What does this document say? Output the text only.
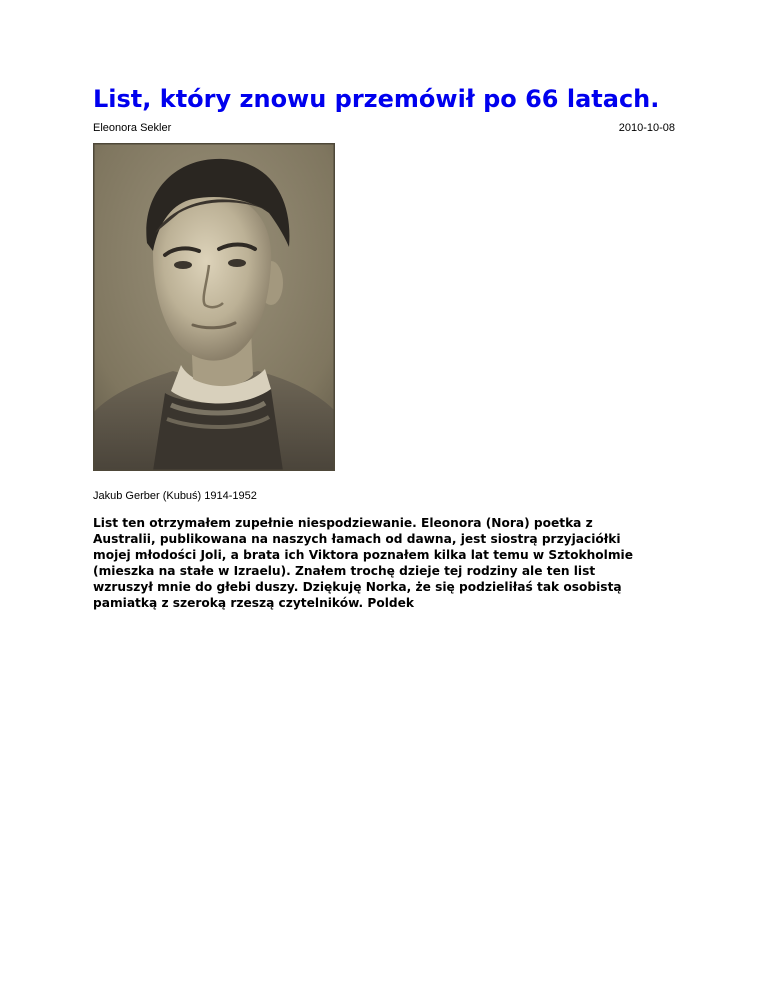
List, który znowu przemówił po 66 latach.
Eleonora Sekler	2010-10-08
Jakub Gerber (Kubuś) 1914-1952

List ten otrzymałem zupełnie niespodziewanie. Eleonora (Nora) poetka z Australii, publikowana na naszych łamach od dawna, jest siostrą przyjaciółki mojej młodości Joli, a brata ich Viktora poznałem kilka lat temu w Sztokholmie (mieszka na stałe w Izraelu). Znałem trochę dzieje tej rodziny ale ten list wzruszył mnie do głebi duszy. Dziękuję Norka, że się podzieliłaś tak osobistą pamiatką z szeroką rzeszą czytelników. Poldek
